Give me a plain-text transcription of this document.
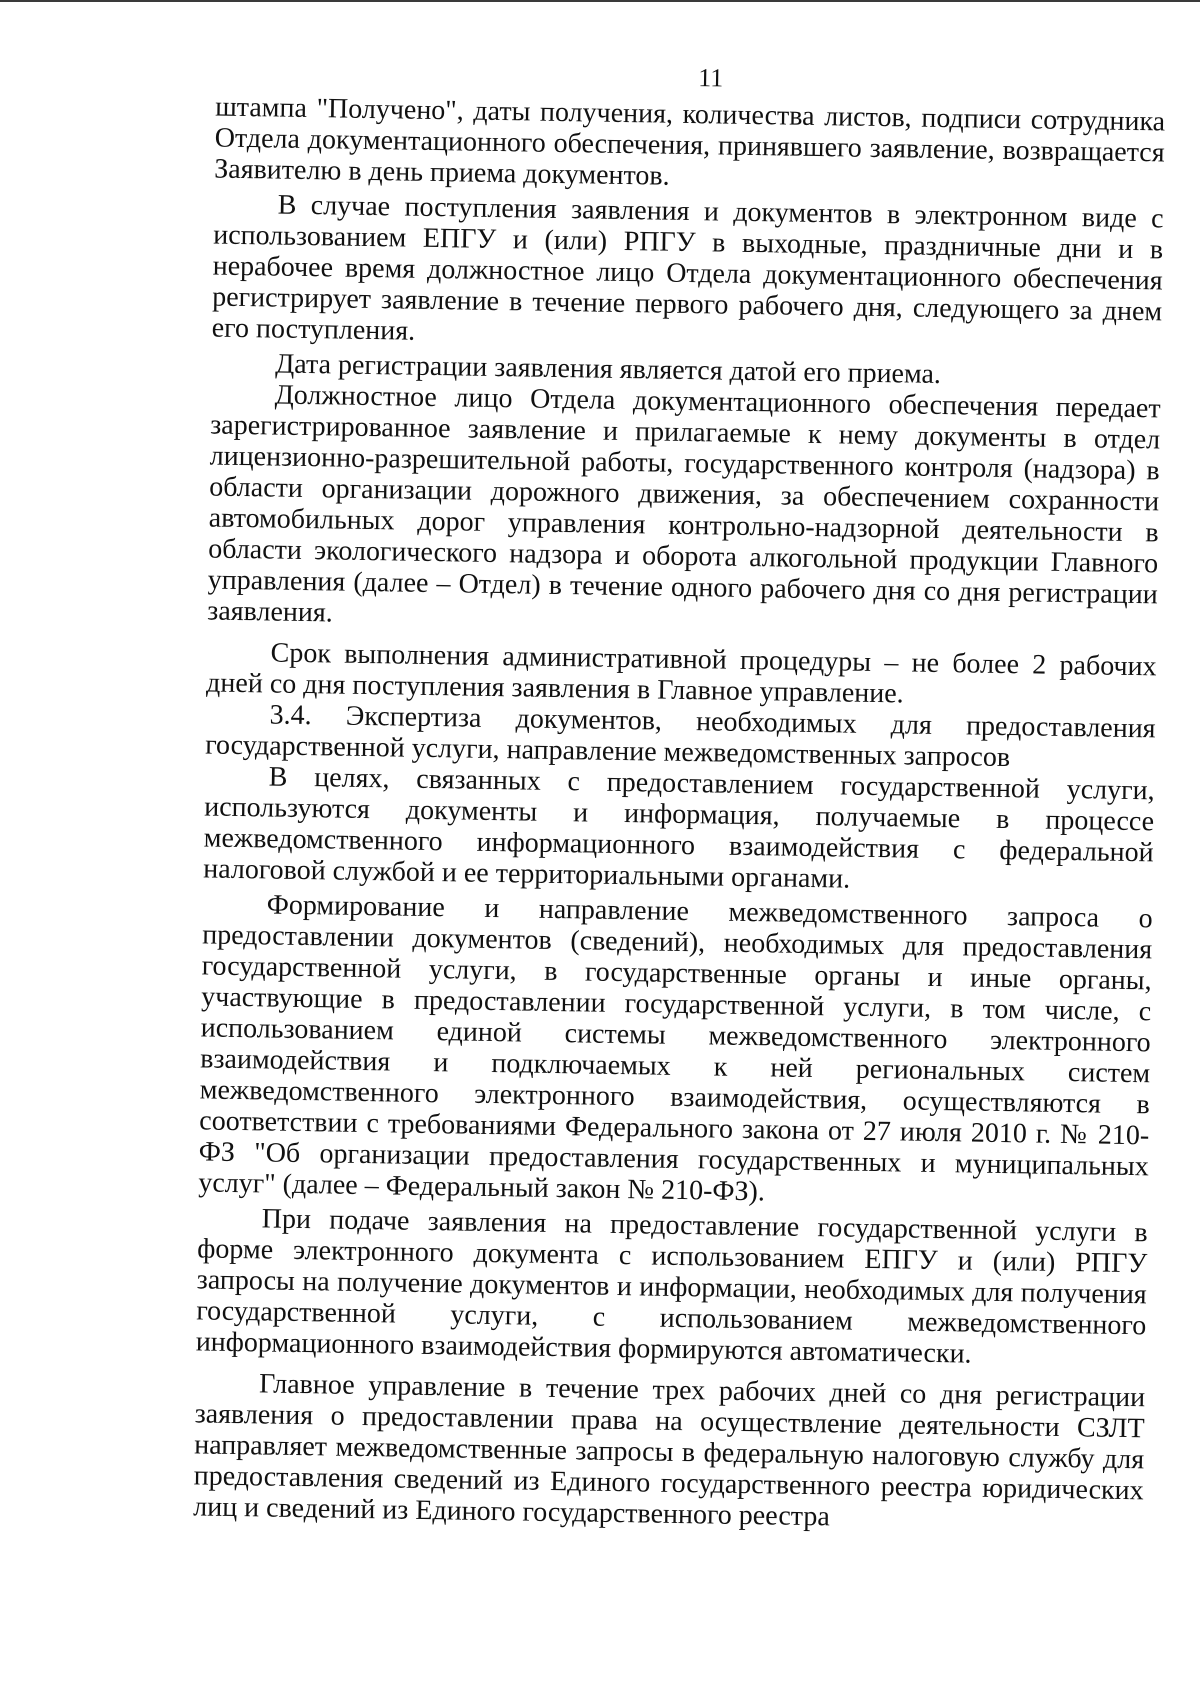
11

штампа "Получено", даты получения, количества листов, подписи сотрудника Отдела документационного обеспечения, принявшего заявление, возвращается Заявителю в день приема документов.

В случае поступления заявления и документов в электронном виде с использованием ЕПГУ и (или) РПГУ в выходные, праздничные дни и в нерабочее время должностное лицо Отдела документационного обеспечения регистрирует заявление в течение первого рабочего дня, следующего за днем его поступления.

Дата регистрации заявления является датой его приема.

Должностное лицо Отдела документационного обеспечения передает зарегистрированное заявление и прилагаемые к нему документы в отдел лицензионно-разрешительной работы, государственного контроля (надзора) в области организации дорожного движения, за обеспечением сохранности автомобильных дорог управления контрольно-надзорной деятельности в области экологического надзора и оборота алкогольной продукции Главного управления (далее – Отдел) в течение одного рабочего дня со дня регистрации заявления.

Срок выполнения административной процедуры – не более 2 рабочих дней со дня поступления заявления в Главное управление.

3.4. Экспертиза документов, необходимых для предоставления государственной услуги, направление межведомственных запросов

В целях, связанных с предоставлением государственной услуги, используются документы и информация, получаемые в процессе межведомственного информационного взаимодействия с федеральной налоговой службой и ее территориальными органами.

Формирование и направление межведомственного запроса о предоставлении документов (сведений), необходимых для предоставления государственной услуги, в государственные органы и иные органы, участвующие в предоставлении государственной услуги, в том числе, с использованием единой системы межведомственного электронного взаимодействия и подключаемых к ней региональных систем межведомственного электронного взаимодействия, осуществляются в соответствии с требованиями Федерального закона от 27 июля 2010 г. № 210-ФЗ "Об организации предоставления государственных и муниципальных услуг" (далее – Федеральный закон № 210-ФЗ).

При подаче заявления на предоставление государственной услуги в форме электронного документа с использованием ЕПГУ и (или) РПГУ запросы на получение документов и информации, необходимых для получения государственной услуги, с использованием межведомственного информационного взаимодействия формируются автоматически.

Главное управление в течение трех рабочих дней со дня регистрации заявления о предоставлении права на осуществление деятельности СЗЛТ направляет межведомственные запросы в федеральную налоговую службу для предоставления сведений из Единого государственного реестра юридических лиц и сведений из Единого государственного реестра
